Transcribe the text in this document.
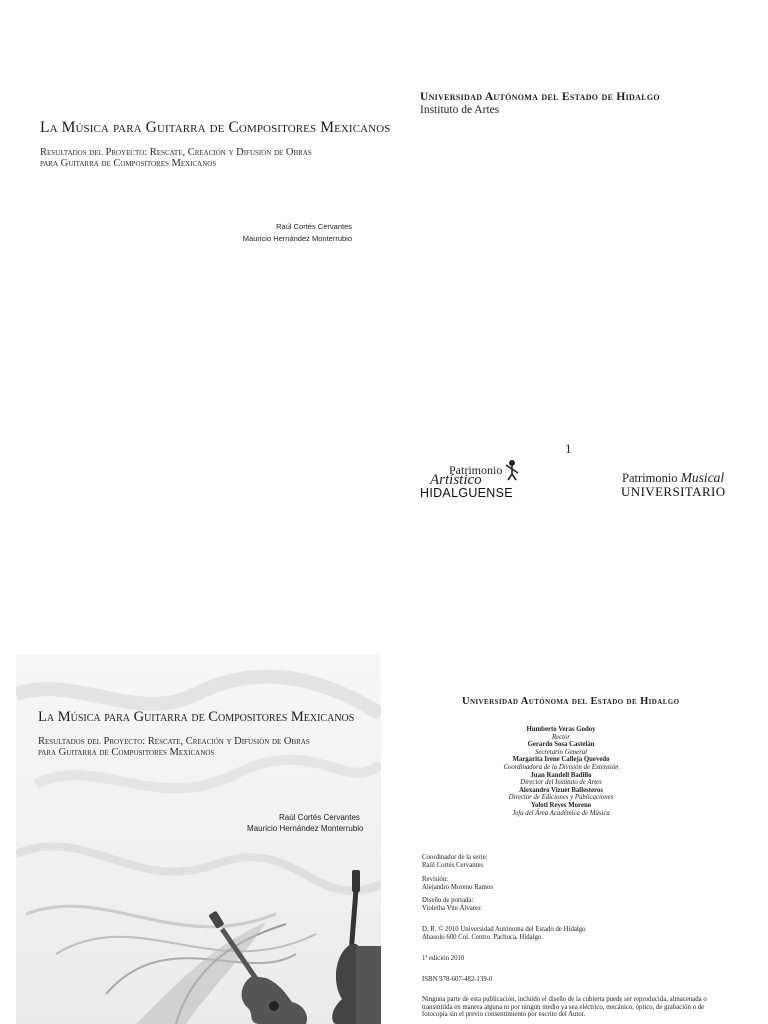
La Música para Guitarra de Compositores Mexicanos
Resultados del Proyecto: Rescate, Creación y Difusión de Obras
para Guitarra de Compositores Mexicanos
Raúl Cortés Cervantes
Mauricio Hernández Monterrubio
Universidad Autónoma del Estado de Hidalgo
Instituto de Artes
1
Patrimonio
Artístico
HIDALGUENSE
Patrimonio Musical
UNIVERSITARIO
La Música para Guitarra de Compositores Mexicanos
Resultados del Proyecto: Rescate, Creación y Difusión de Obras
para Guitarra de Compositores Mexicanos
Raúl Cortés Cervantes
Mauricio Hernández Monterrubio
Universidad Autónoma del Estado de Hidalgo
Humberto Veras Godoy
Rector
Gerardo Sosa Castelán
Secretario General
Margarita Irene Calleja Quevedo
Coordinadora de la División de Extensión
Juan Randell Badillo
Director del Instituto de Artes
Alexandro Vizuet Ballesteros
Director de Ediciones y Publicaciones
Yolotl Reyes Moreno
Jefa del Área Académica de Música
Coordinador de la serie:
Raúl Cortés Cervantes
Revisión:
Alejandro Moreno Ramos
Diseño de portada:
Violetha Vite Álvarez
D. R. © 2010 Universidad Autónoma del Estado de Hidalgo
Abasolo 600 Col. Centro. Pachuca, Hidalgo.
1ª edición 2010
ISBN 978-607-482-139-0
Ninguna parte de esta publicación, incluido el diseño de la cubierta puede ser reproducida, almacenada o
transmitida en manera alguna ni por ningún medio ya sea eléctrico, mecánico, óptico, de grabación o de
fotocopia sin el previo consentimiento por escrito del Autor.
